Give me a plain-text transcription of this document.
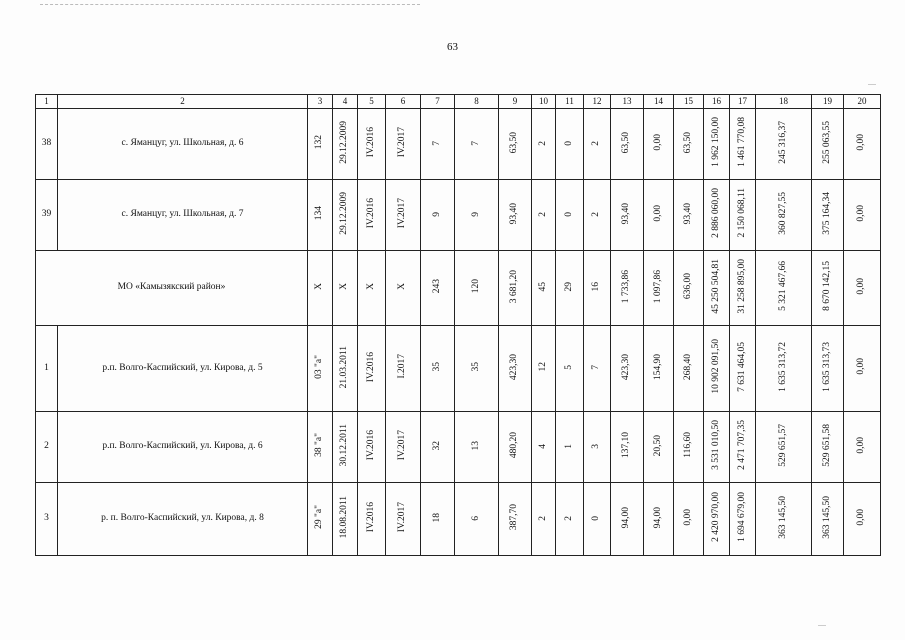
63
1	2	3	4	5	6	7	8	9	10	11	12	13	14	15	16	17	18	19	20
38	с. Яманцуг, ул. Школьная, д. 6	132	29.12.2009	IV.2016	IV.2017	7	7	63,50	2	0	2	63,50	0,00	63,50	1 962 150,00	1 461 770,08	245 316,37	255 063,55	0,00
39	с. Яманцуг, ул. Школьная, д. 7	134	29.12.2009	IV.2016	IV.2017	9	9	93,40	2	0	2	93,40	0,00	93,40	2 886 060,00	2 150 068,11	360 827,55	375 164,34	0,00
МО «Камызякский район»		X	X	X	X	243	120	3 681,20	45	29	16	1 733,86	1 097,86	636,00	45 250 504,81	31 258 895,00	5 321 467,66	8 670 142,15	0,00
1	р.п. Волго-Каспийский, ул. Кирова, д. 5	03 "а"	21.03.2011	IV.2016	I.2017	35	35	423,30	12	5	7	423,30	154,90	268,40	10 902 091,50	7 631 464,05	1 635 313,72	1 635 313,73	0,00
2	р.п. Волго-Каспийский, ул. Кирова, д. 6	38 "а"	30.12.2011	IV.2016	IV.2017	32	13	480,20	4	1	3	137,10	20,50	116,60	3 531 010,50	2 471 707,35	529 651,57	529 651,58	0,00
3	р. п. Волго-Каспийский, ул. Кирова, д. 8	29 "а"	18.08.2011	IV.2016	IV.2017	18	6	387,70	2	2	0	94,00	94,00	0,00	2 420 970,00	1 694 679,00	363 145,50	363 145,50	0,00
